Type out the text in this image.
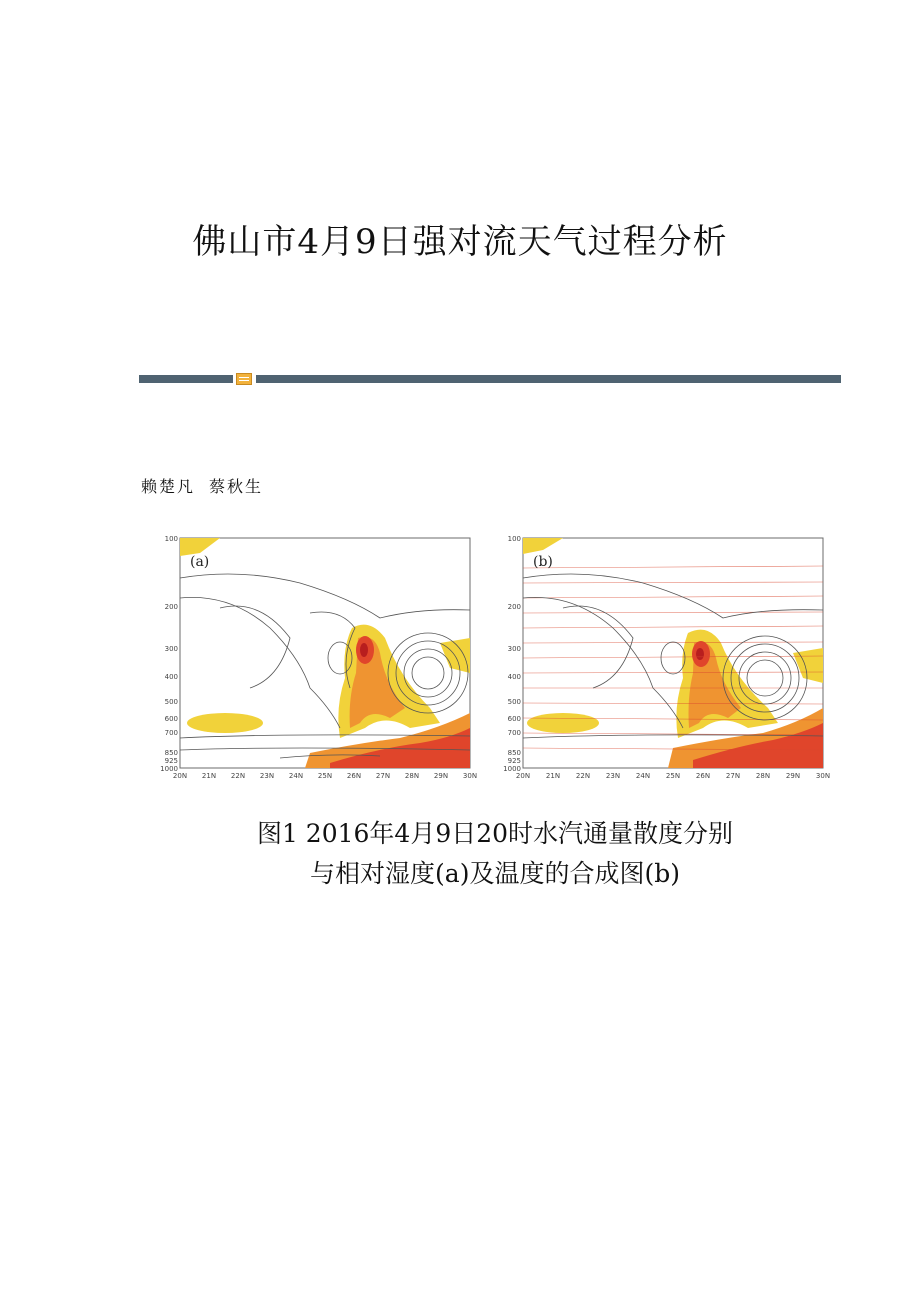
佛山市4月9日强对流天气过程分析
赖楚凡 蔡秋生
100
200
300
400
500
600
700
850
925
1000
20N 21N 22N 23N 24N 25N 26N 27N 28N 29N 30N
100
200
300
400
500
600
700
850
925
1000
20N 21N 22N 23N 24N 25N 26N 27N 28N 29N 30N
(a)	(b)
图1 2016年4月9日20时水汽通量散度分别
与相对湿度(a)及温度的合成图(b)
